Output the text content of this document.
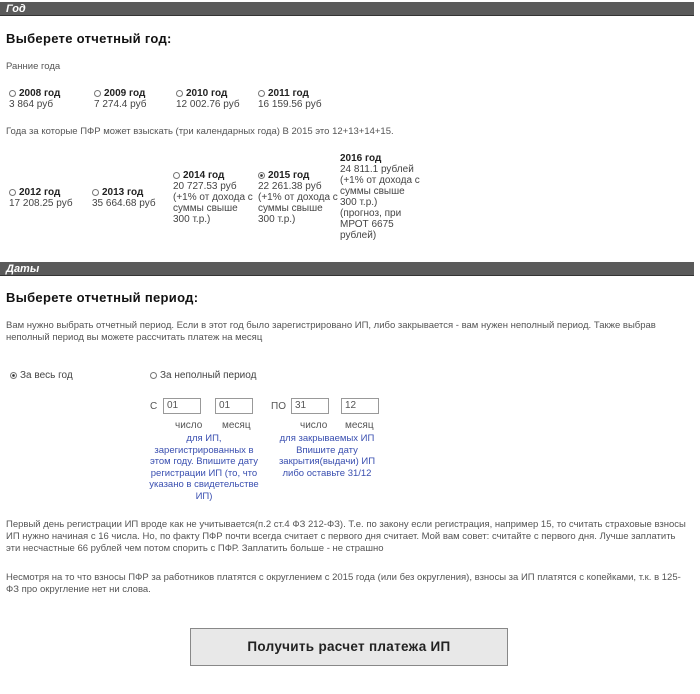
Год
Выберете отчетный год:
Ранние года
2008 год
3 864 руб
2009 год
7 274.4 руб
2010 год
12 002.76 руб
2011 год
16 159.56 руб
Года за которые ПФР может взыскать (три календарных года) В 2015 это 12+13+14+15.
2012 год
17 208.25 руб
2013 год
35 664.68 руб
2014 год
20 727.53 руб
(+1% от дохода с суммы свыше 300 т.р.)
2015 год
22 261.38 руб
(+1% от дохода с суммы свыше 300 т.р.)
2016 год
24 811.1 рублей
(+1% от дохода с суммы свыше 300 т.р.)
(прогноз, при МРОТ 6675 рублей)
Даты
Выберете отчетный период:
Вам нужно выбрать отчетный период. Если в этот год было зарегистрировано ИП, либо закрывается - вам нужен неполный период. Также выбрав неполный период вы можете рассчитать платеж на месяц
За весь год	За неполный период
С
01
01	ПО
31
12
число месяц	число месяц
для ИП, зарегистрированных в этом году. Впишите дату регистрации ИП (то, что указано в свидетельстве ИП)
для закрываемых ИП Впишите дату закрытия(выдачи) ИП либо оставьте 31/12
Первый день регистрации ИП вроде как не учитывается(п.2 ст.4 ФЗ 212-ФЗ). Т.е. по закону если регистрация, например 15, то считать страховые взносы ИП нужно начиная с 16 числа. Но, по факту ПФР почти всегда считает с первого дня считает. Мой вам совет: считайте с первого дня. Лучше заплатить эти несчастные 66 рублей чем потом спорить с ПФР. Заплатить больше - не страшно
Несмотря на то что взносы ПФР за работников платятся с округлением с 2015 года (или без округления), взносы за ИП платятся с копейками, т.к. в 125-ФЗ про округление нет ни слова.
Получить расчет платежа ИП
